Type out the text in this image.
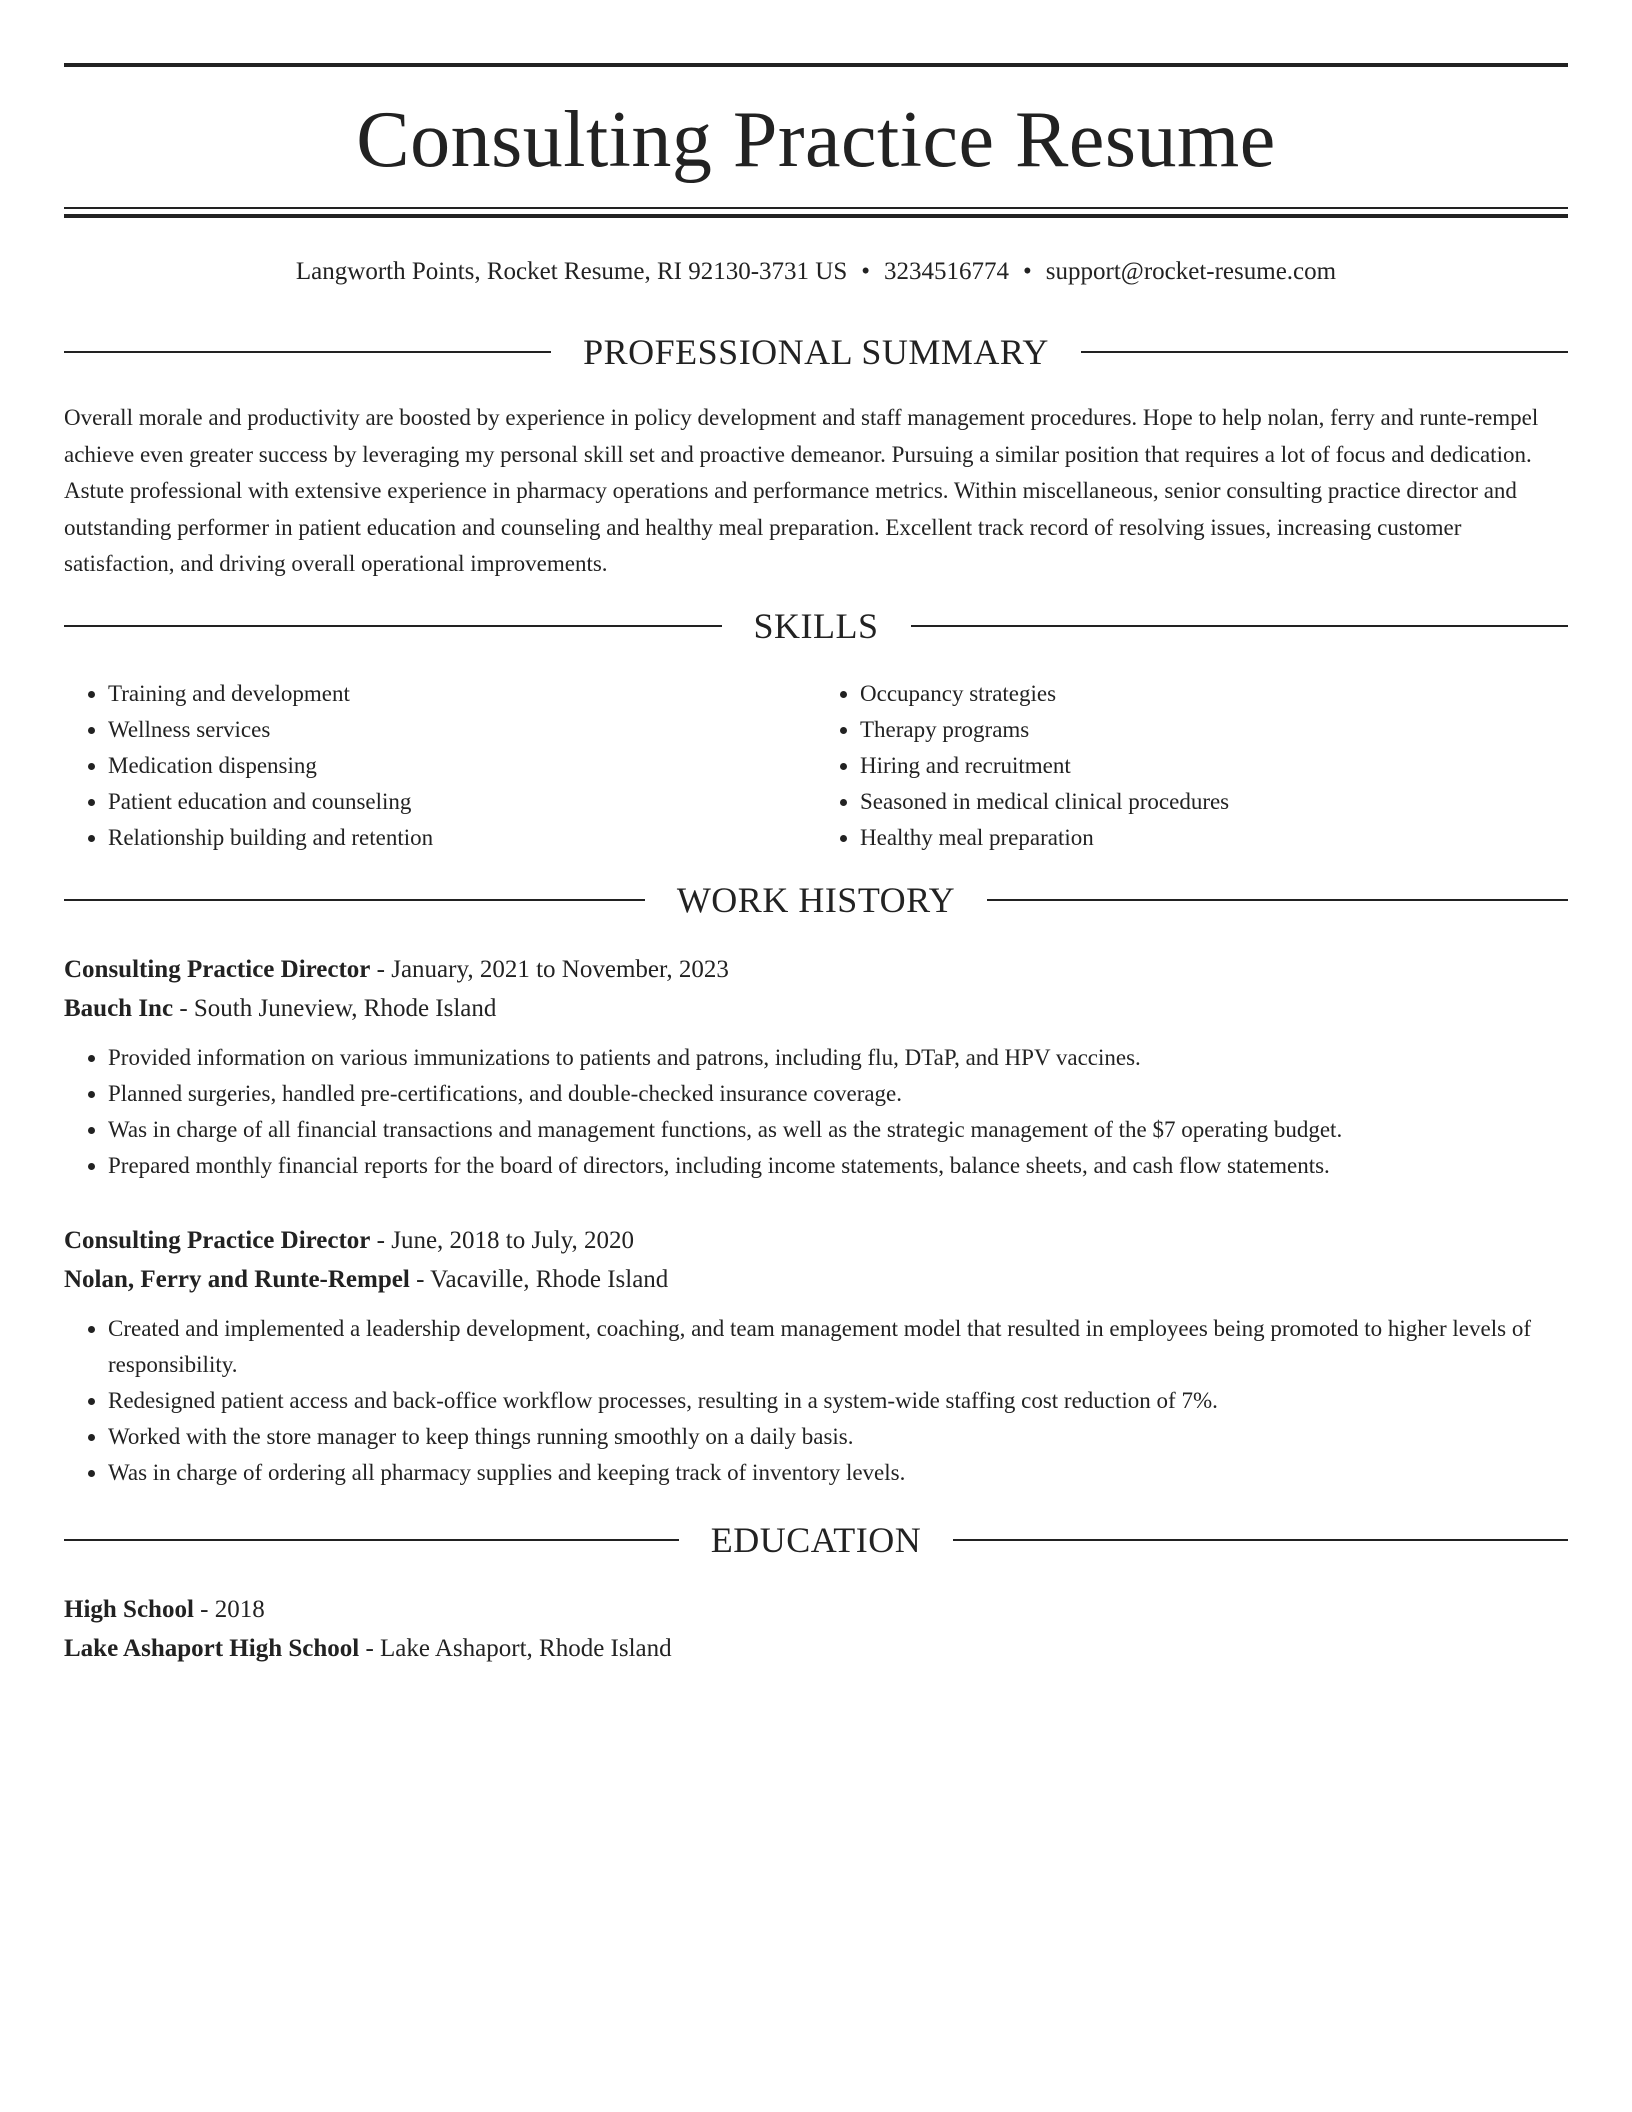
Consulting Practice Resume
Langworth Points, Rocket Resume, RI 92130-3731 US • 3234516774 • support@rocket-resume.com
PROFESSIONAL SUMMARY

Overall morale and productivity are boosted by experience in policy development and staff management procedures. Hope to help nolan, ferry and runte-rempel achieve even greater success by leveraging my personal skill set and proactive demeanor. Pursuing a similar position that requires a lot of focus and dedication. Astute professional with extensive experience in pharmacy operations and performance metrics. Within miscellaneous, senior consulting practice director and outstanding performer in patient education and counseling and healthy meal preparation. Excellent track record of resolving issues, increasing customer satisfaction, and driving overall operational improvements.

SKILLS
• Training and development
• Wellness services
• Medication dispensing
• Patient education and counseling
• Relationship building and retention
• Occupancy strategies
• Therapy programs
• Hiring and recruitment
• Seasoned in medical clinical procedures
• Healthy meal preparation
WORK HISTORY
Consulting Practice Director - January, 2021 to November, 2023
Bauch Inc - South Juneview, Rhode Island
• Provided information on various immunizations to patients and patrons, including flu, DTaP, and HPV vaccines.
• Planned surgeries, handled pre-certifications, and double-checked insurance coverage.
• Was in charge of all financial transactions and management functions, as well as the strategic management of the $7 operating budget.
• Prepared monthly financial reports for the board of directors, including income statements, balance sheets, and cash flow statements.
Consulting Practice Director - June, 2018 to July, 2020
Nolan, Ferry and Runte-Rempel - Vacaville, Rhode Island
• Created and implemented a leadership development, coaching, and team management model that resulted in employees being promoted to higher levels of responsibility.
• Redesigned patient access and back-office workflow processes, resulting in a system-wide staffing cost reduction of 7%.
• Worked with the store manager to keep things running smoothly on a daily basis.
• Was in charge of ordering all pharmacy supplies and keeping track of inventory levels.
EDUCATION
High School - 2018
Lake Ashaport High School - Lake Ashaport, Rhode Island
